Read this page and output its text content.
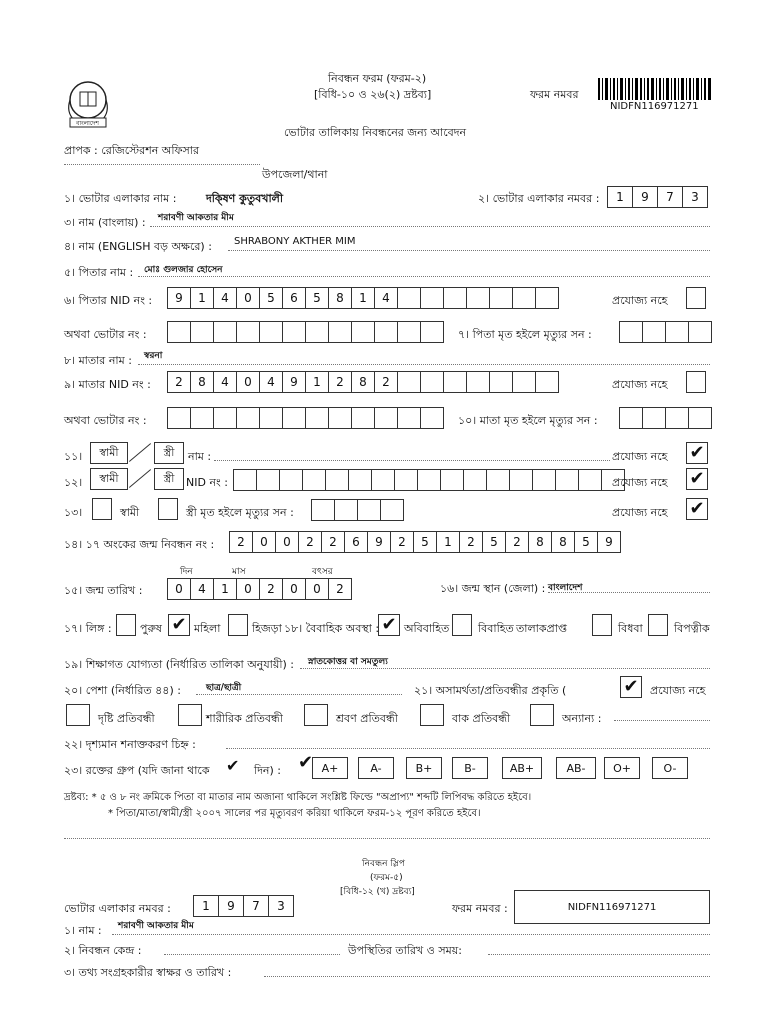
বাংলাদেশ
নিবন্ধন ফরম (ফরম-২)
[বিধি-১০ ও ২৬(২) দ্রষ্টব্য]	ফরম নমবর
NIDFN116971271
ভোটার তালিকায় নিবন্ধনের জন্য আবেদন
প্রাপক : রেজিস্টেরশন অফিসার
উপজেলা/থানা
১। ভোটার এলাকার নাম :	দকি্ষণ কুতুবখালী	২। ভোটার এলাকার নমবর :	1	9	7	3
৩। নাম (বাংলায়) : শরাবণী আকতার মীম
৪। নাম (ENGLISH বড় অক্ষরে) : SHRABONY AKTHER MIM
৫। পিতার নাম : মোঃ গুলজার হোসেন
৬। পিতার NID নং :	9	1	4	0	5	6	5	8	1	4	প্রযোজ্য নহে
অথবা ভোটার নং :	৭। পিতা মৃত হইলে মৃত্যুর সন :
৮। মাতার নাম : স্বরনা
৯। মাতার NID নং :	2	8	4	0	4	9	1	2	8	2	প্রযোজ্য নহে
অথবা ভোটার নং :	১০। মাতা মৃত হইলে মৃত্যুর সন :
১১। স্বামী	স্ত্রী নাম :	প্রযোজ্য নহে ✔
১২। স্বামী	স্ত্রী NID নং :	প্রযোজ্য নহে ✔
১৩।	স্বামী	স্ত্রী মৃত হইলে মৃত্যুর সন :	প্রযোজ্য নহে ✔
১৪। ১৭ অংকের জন্ম নিবন্ধন নং :	2	0	0	2	2	6	9	2	5	1	2	5	2	8	8	5	9
দিন	মাস	বৎসর
১৫। জন্ম তারিখ :	0	4	1	0	2	0	0	2	১৬। জন্ম স্থান (জেলা) : বাংলাদেশ
১৭। লিঙ্গ :	পুরুষ ✔ মহিলা	হিজড়া ১৮। বৈবাহিক অবস্থা : ✔ অবিবাহিত	বিবাহিত তালাকপ্রাপ্ত	বিধবা	বিপত্নীক
১৯। শিক্ষাগত যোগ্যতা (নির্ধারিত তালিকা অনুযায়ী) : স্নাতকোত্তর বা সমতুল্য
২০। পেশা (নির্ধারিত ৪৪) :	ছাত্র/ছাত্রী	২১। অসামর্থতা/প্রতিবন্ধীর প্রকৃতি (	✔	প্রযোজ্য নহে
দৃষ্টি প্রতিবন্ধী	শারীরিক প্রতিবন্ধী	শ্রবণ প্রতিবন্ধী	বাক প্রতিবন্ধী	অন্যান্য :
২২। দৃশ্যমান শনাক্তকরণ চিহ্ন :
২৩। রক্তের গ্রুপ (যদি জানা থাকে ✔ দিন) :	A+	A-	B+	B-	AB+	AB-	O+	O-
✔
দ্রষ্টব্য: * ৫ ও ৮ নং ক্রমিকে পিতা বা মাতার নাম অজানা থাকিলে সংশ্লিষ্ট ফিল্ডে "অপ্রাপ্য" শব্দটি লিপিবদ্ধ করিতে হইবে।
* পিতা/মাতা/স্বামী/স্ত্রী ২০০৭ সালের পর মৃত্যুবরণ করিয়া থাকিলে ফরম-১২ পূরণ করিতে হইবে।
নিবন্ধন স্লিপ
(ফরম-৫)
[বিধি-১২ (খ) দ্রষ্টব্য]
ভোটার এলাকার নমবর :	1	9	7	3	ফরম নমবর :	NIDFN116971271
১। নাম : শরাবণী আকতার মীম
২। নিবন্ধন কেন্দ্র :	উপস্থিতির তারিখ ও সময়:
৩। তথ্য সংগ্রহকারীর স্বাক্ষর ও তারিখ :
